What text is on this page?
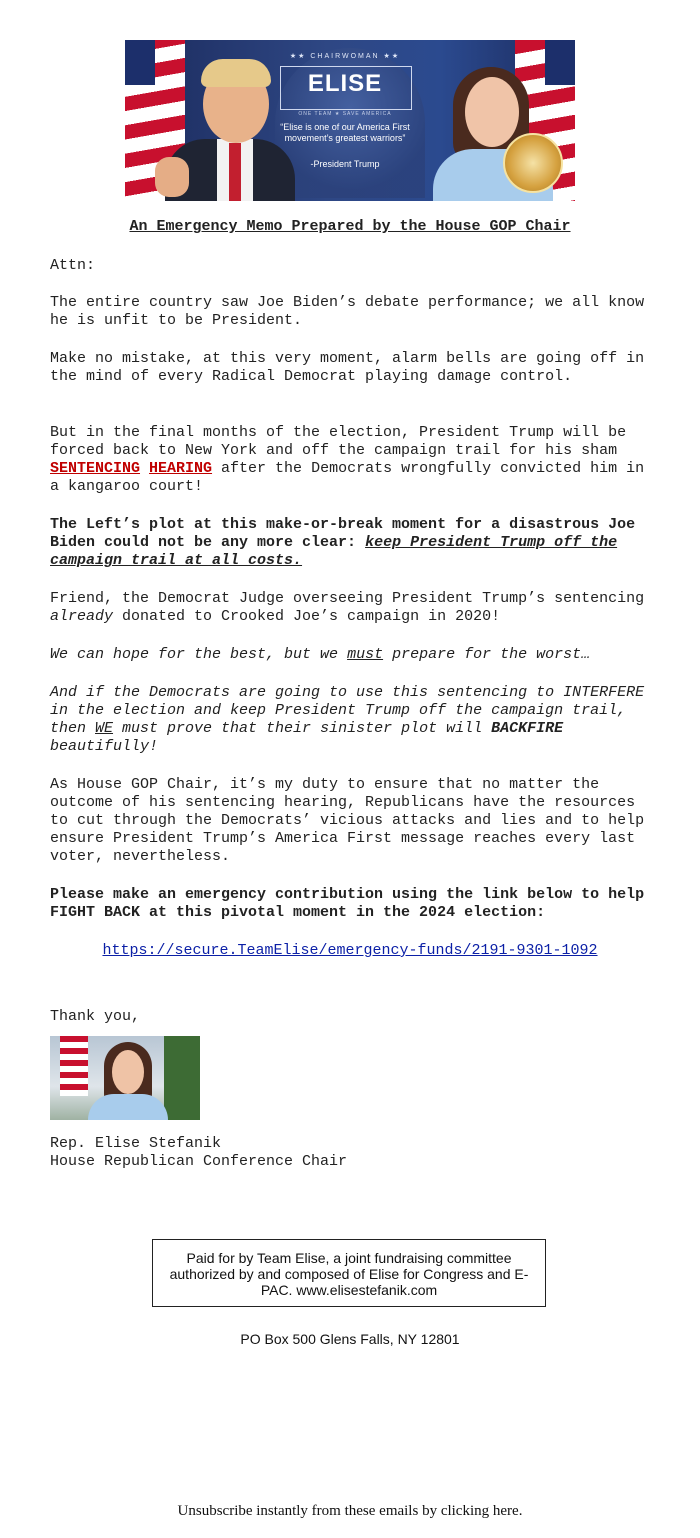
★★ CHAIRWOMAN ★★
ELISE
ONE TEAM ★ SAVE AMERICA
“Elise is one of our America First movement’s greatest warriors”
-President Trump
An Emergency Memo Prepared by the House GOP Chair

Attn:

The entire country saw Joe Biden’s debate performance; we all know he is unfit to be President.

Make no mistake, at this very moment, alarm bells are going off in the mind of every Radical Democrat playing damage control.

But in the final months of the election, President Trump will be forced back to New York and off the campaign trail for his sham SENTENCING HEARING after the Democrats wrongfully convicted him in a kangaroo court!

The Left’s plot at this make-or-break moment for a disastrous Joe Biden could not be any more clear: keep President Trump off the campaign trail at all costs.

Friend, the Democrat Judge overseeing President Trump’s sentencing already donated to Crooked Joe’s campaign in 2020!

We can hope for the best, but we must prepare for the worst…

And if the Democrats are going to use this sentencing to INTERFERE in the election and keep President Trump off the campaign trail, then WE must prove that their sinister plot will BACKFIRE beautifully!

As House GOP Chair, it’s my duty to ensure that no matter the outcome of his sentencing hearing, Republicans have the resources to cut through the Democrats’ vicious attacks and lies and to help ensure President Trump’s America First message reaches every last voter, nevertheless.

Please make an emergency contribution using the link below to help FIGHT BACK at this pivotal moment in the 2024 election:

https://secure.TeamElise/emergency-funds/2191-9301-1092

Thank you,

Rep. Elise Stefanik

House Republican Conference Chair

Paid for by Team Elise, a joint fundraising committee authorized by and composed of Elise for Congress and E-PAC. www.elisestefanik.com
PO Box 500 Glens Falls, NY 12801
Unsubscribe instantly from these emails by clicking here.
